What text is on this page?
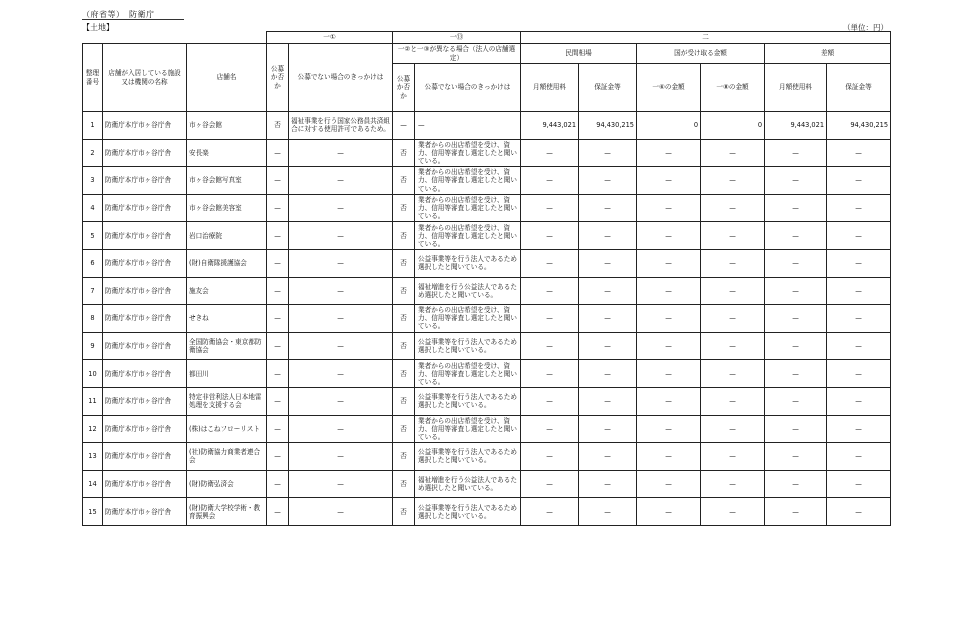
（府省等）　防衛庁
【土地】	（単位：円）
			一①		一⑬		二					
整理番号	店舗が入居している施設又は機関の名称	店舗名	公募か否か	公募でない場合のきっかけは	一②と一③が異なる場合（法人の店舗選定）		民間相場		国が受け取る金額		差額	
					公募か否か	公募でない場合のきっかけは	月額使用料	保証金等	一⑥の金額	一⑧の金額	月額使用料	保証金等
1	防衛庁本庁市ヶ谷庁舎	市ヶ谷会館	否	福祉事業を行う国家公務員共済組合に対する使用許可であるため。	—	—	9,443,021	94,430,215	0	0	9,443,021	94,430,215
2	防衛庁本庁市ヶ谷庁舎	安長楽	—	—	否	業者からの出店希望を受け、資力、信用等審査し選定したと聞いている。	—	—	—	—	—	—
3	防衛庁本庁市ヶ谷庁舎	市ヶ谷会館写真室	—	—	否	業者からの出店希望を受け、資力、信用等審査し選定したと聞いている。	—	—	—	—	—	—
4	防衛庁本庁市ヶ谷庁舎	市ヶ谷会館美容室	—	—	否	業者からの出店希望を受け、資力、信用等審査し選定したと聞いている。	—	—	—	—	—	—
5	防衛庁本庁市ヶ谷庁舎	岩口治療院	—	—	否	業者からの出店希望を受け、資力、信用等審査し選定したと聞いている。	—	—	—	—	—	—
6	防衛庁本庁市ヶ谷庁舎	(財)自衛隊援護協会	—	—	否	公益事業等を行う法人であるため選択したと聞いている。	—	—	—	—	—	—
7	防衛庁本庁市ヶ谷庁舎	施友会	—	—	否	福祉増進を行う公益法人であるため選択したと聞いている。	—	—	—	—	—	—
8	防衛庁本庁市ヶ谷庁舎	せきね	—	—	否	業者からの出店希望を受け、資力、信用等審査し選定したと聞いている。	—	—	—	—	—	—
9	防衛庁本庁市ヶ谷庁舎	全国防衛協会・東京都防衛協会	—	—	否	公益事業等を行う法人であるため選択したと聞いている。	—	—	—	—	—	—
10	防衛庁本庁市ヶ谷庁舎	都田川	—	—	否	業者からの出店希望を受け、資力、信用等審査し選定したと聞いている。	—	—	—	—	—	—
11	防衛庁本庁市ヶ谷庁舎	特定非営利法人日本地雷処理を支援する会	—	—	否	公益事業等を行う法人であるため選択したと聞いている。	—	—	—	—	—	—
12	防衛庁本庁市ヶ谷庁舎	(株)はこねフローリスト	—	—	否	業者からの出店希望を受け、資力、信用等審査し選定したと聞いている。	—	—	—	—	—	—
13	防衛庁本庁市ヶ谷庁舎	(社)防衛協力商業者連合会	—	—	否	公益事業等を行う法人であるため選択したと聞いている。	—	—	—	—	—	—
14	防衛庁本庁市ヶ谷庁舎	(財)防衛弘済会	—	—	否	福祉増進を行う公益法人であるため選択したと聞いている。	—	—	—	—	—	—
15	防衛庁本庁市ヶ谷庁舎	(財)防衛大学校学術・教育振興会	—	—	否	公益事業等を行う法人であるため選択したと聞いている。	—	—	—	—	—	—
